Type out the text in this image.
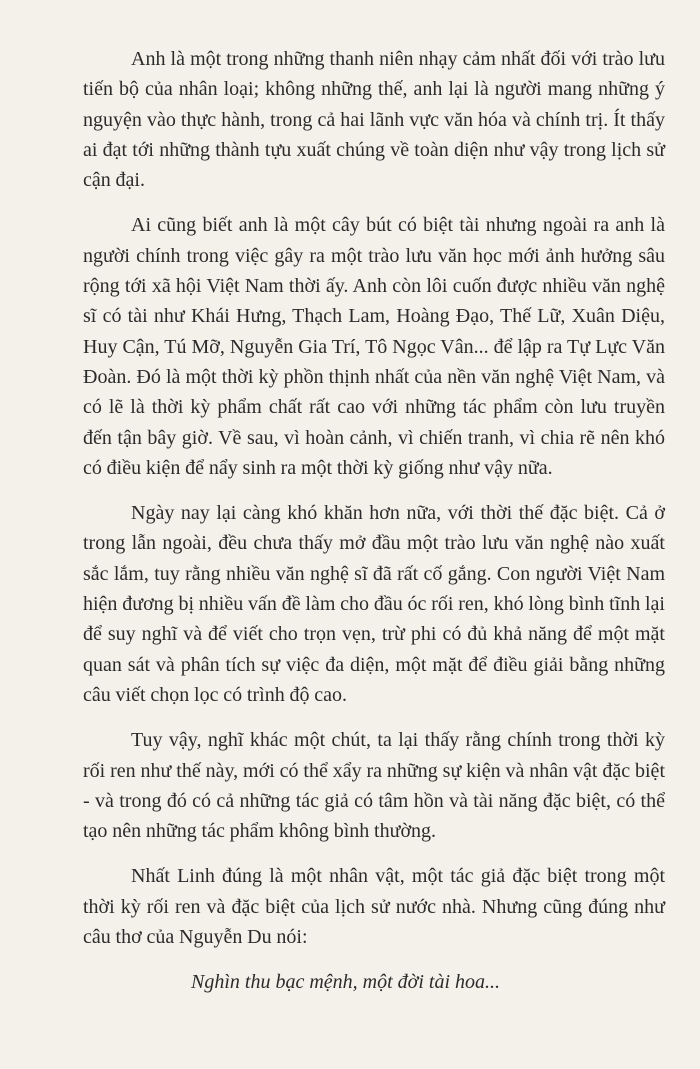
Anh là một trong những thanh niên nhạy cảm nhất đối với trào lưu tiến bộ của nhân loại; không những thế, anh lại là người mang những ý nguyện vào thực hành, trong cả hai lãnh vực văn hóa và chính trị. Ít thấy ai đạt tới những thành tựu xuất chúng về toàn diện như vậy trong lịch sử cận đại.

Ai cũng biết anh là một cây bút có biệt tài nhưng ngoài ra anh là người chính trong việc gây ra một trào lưu văn học mới ảnh hưởng sâu rộng tới xã hội Việt Nam thời ấy. Anh còn lôi cuốn được nhiều văn nghệ sĩ có tài như Khái Hưng, Thạch Lam, Hoàng Đạo, Thế Lữ, Xuân Diệu, Huy Cận, Tú Mỡ, Nguyễn Gia Trí, Tô Ngọc Vân... để lập ra Tự Lực Văn Đoàn. Đó là một thời kỳ phồn thịnh nhất của nền văn nghệ Việt Nam, và có lẽ là thời kỳ phẩm chất rất cao với những tác phẩm còn lưu truyền đến tận bây giờ. Về sau, vì hoàn cảnh, vì chiến tranh, vì chia rẽ nên khó có điều kiện để nẩy sinh ra một thời kỳ giống như vậy nữa.

Ngày nay lại càng khó khăn hơn nữa, với thời thế đặc biệt. Cả ở trong lẫn ngoài, đều chưa thấy mở đầu một trào lưu văn nghệ nào xuất sắc lắm, tuy rằng nhiều văn nghệ sĩ đã rất cố gắng. Con người Việt Nam hiện đương bị nhiều vấn đề làm cho đầu óc rối ren, khó lòng bình tĩnh lại để suy nghĩ và để viết cho trọn vẹn, trừ phi có đủ khả năng để một mặt quan sát và phân tích sự việc đa diện, một mặt để điều giải bằng những câu viết chọn lọc có trình độ cao.

Tuy vậy, nghĩ khác một chút, ta lại thấy rằng chính trong thời kỳ rối ren như thế này, mới có thể xẩy ra những sự kiện và nhân vật đặc biệt - và trong đó có cả những tác giả có tâm hồn và tài năng đặc biệt, có thể tạo nên những tác phẩm không bình thường.

Nhất Linh đúng là một nhân vật, một tác giả đặc biệt trong một thời kỳ rối ren và đặc biệt của lịch sử nước nhà. Nhưng cũng đúng như câu thơ của Nguyễn Du nói:

Nghìn thu bạc mệnh, một đời tài hoa...
